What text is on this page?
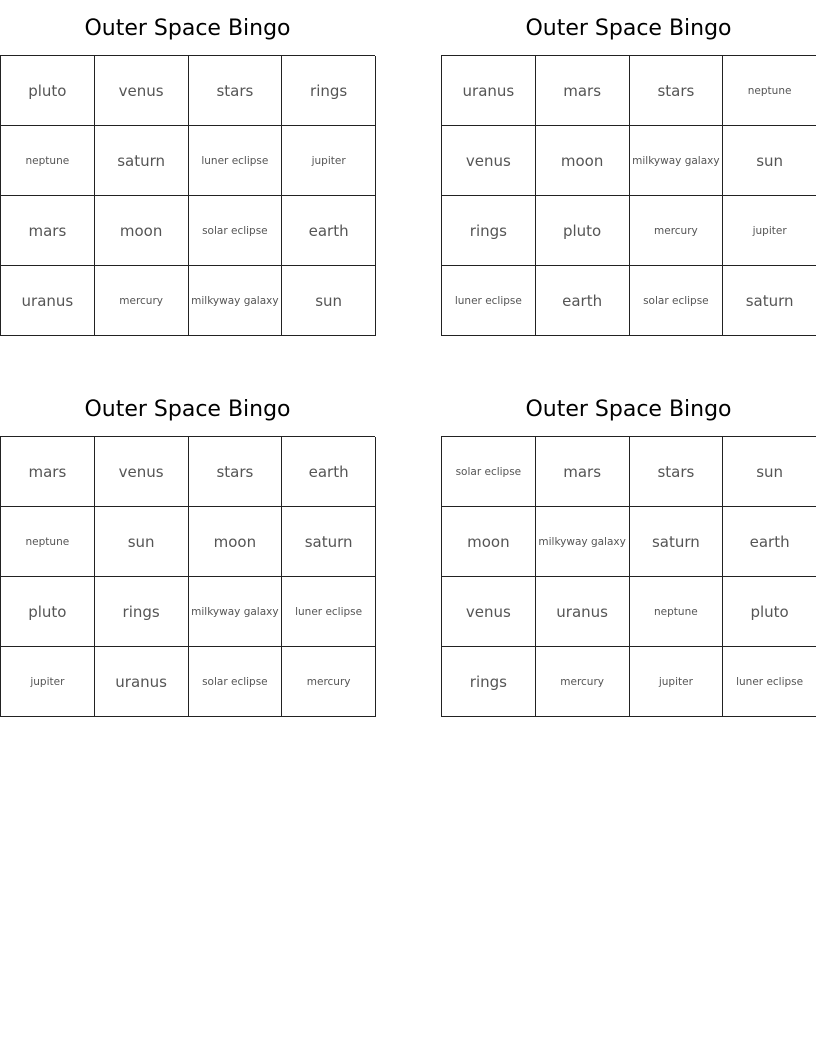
Outer Space Bingo
pluto	venus	stars	rings
neptune	saturn	luner eclipse	jupiter
mars	moon	solar eclipse	earth
uranus	mercury	milkyway galaxy	sun
Outer Space Bingo
uranus	mars	stars	neptune
venus	moon	milkyway galaxy	sun
rings	pluto	mercury	jupiter
luner eclipse	earth	solar eclipse	saturn
Outer Space Bingo
mars	venus	stars	earth
neptune	sun	moon	saturn
pluto	rings	milkyway galaxy	luner eclipse
jupiter	uranus	solar eclipse	mercury
Outer Space Bingo
solar eclipse	mars	stars	sun
moon	milkyway galaxy	saturn	earth
venus	uranus	neptune	pluto
rings	mercury	jupiter	luner eclipse
